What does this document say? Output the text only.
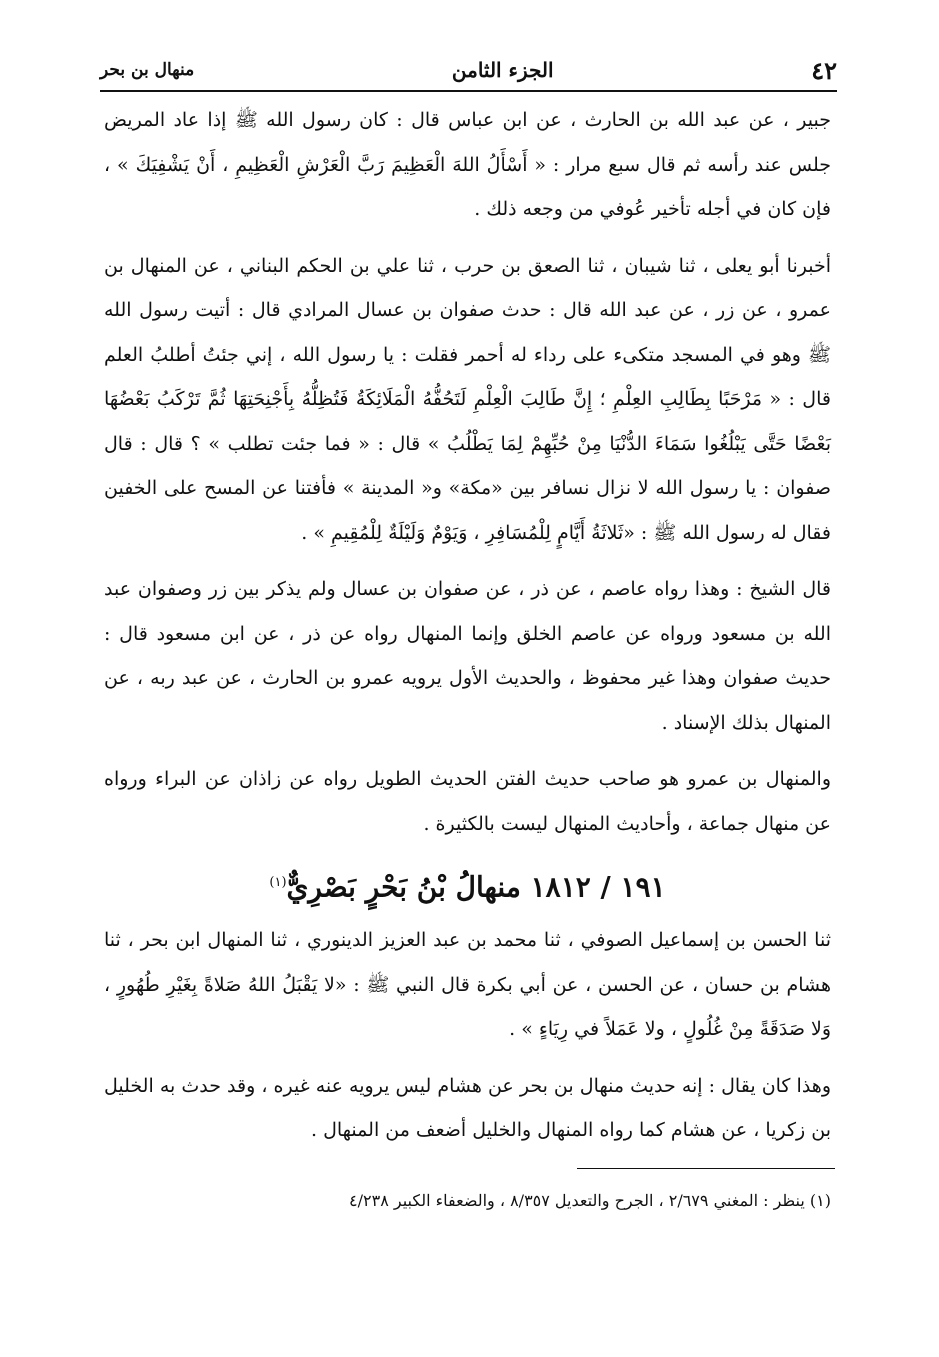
٤٢
الجزء الثامن
منهال بن بحر

جبير ، عن عبد الله بن الحارث ، عن ابن عباس قال : كان رسول الله ﷺ إذا عاد المريض جلس عند رأسه ثم قال سبع مرار : « أَسْأَلُ اللهَ الْعَظِيمَ رَبَّ الْعَرْشِ الْعَظِيمِ ، أَنْ يَشْفِيَكَ » ، فإن كان في أجله تأخير عُوفي من وجعه ذلك .

أخبرنا أبو يعلى ، ثنا شيبان ، ثنا الصعق بن حرب ، ثنا علي بن الحكم البناني ، عن المنهال بن عمرو ، عن زر ، عن عبد الله قال : حدث صفوان بن عسال المرادي قال : أتيت رسول الله ﷺ وهو في المسجد متكىء على رداء له أحمر فقلت : يا رسول الله ، إني جئتُ أطلبُ العلم قال : « مَرْحَبًا بِطَالِبِ العِلْمِ ؛ إِنَّ طَالِبَ الْعِلْمِ لَتَحُفُّهُ الْمَلَائِكَةُ فَتُظِلُّهُ بِأَجْنِحَتِهَا ثُمَّ تَرْكَبُ بَعْضُهَا بَعْضًا حَتَّى يَبْلُغُوا سَمَاءَ الدُّنْيَا مِنْ حُبِّهِمْ لِمَا يَطْلُبُ » قال : « فما جئت تطلب » ؟ قال : قال صفوان : يا رسول الله لا نزال نسافر بين «مكة» و« المدينة » فأفتنا عن المسح على الخفين فقال له رسول الله ﷺ : «ثَلاثَةُ أَيَّامٍ لِلْمُسَافِرِ ، وَيَوْمٌ وَلَيْلَةٌ لِلْمُقِيمِ » .

قال الشيخ : وهذا رواه عاصم ، عن ذر ، عن صفوان بن عسال ولم يذكر بين زر وصفوان عبد الله بن مسعود ورواه عن عاصم الخلق وإنما المنهال رواه عن ذر ، عن ابن مسعود قال : حديث صفوان وهذا غير محفوظ ، والحديث الأول يرويه عمرو بن الحارث ، عن عبد ربه ، عن المنهال بذلك الإسناد .

والمنهال بن عمرو هو صاحب حديث الفتن الحديث الطويل رواه عن زاذان عن البراء ورواه عن منهال جماعة ، وأحاديث المنهال ليست بالكثيرة .

١٩١ / ١٨١٢ منهالُ بْنُ بَحْرٍ بَصْرِيٌّ$^{(١)}$

ثنا الحسن بن إسماعيل الصوفي ، ثنا محمد بن عبد العزيز الدينوري ، ثنا المنهال ابن بحر ، ثنا هشام بن حسان ، عن الحسن ، عن أبي بكرة قال النبي ﷺ : «لا يَقْبَلُ اللهُ صَلاةً بِغَيْرِ طُهُورٍ ، وَلا صَدَقَةً مِنْ غُلُولٍ ، ولا عَمَلاً في رِيَاءٍ » .

وهذا كان يقال : إنه حديث منهال بن بحر عن هشام ليس يرويه عنه غيره ، وقد حدث به الخليل بن زكريا ، عن هشام كما رواه المنهال والخليل أضعف من المنهال .

(١) ينظر : المغني ٢/٦٧٩ ، الجرح والتعديل ٨/٣٥٧ ، والضعفاء الكبير ٤/٢٣٨
